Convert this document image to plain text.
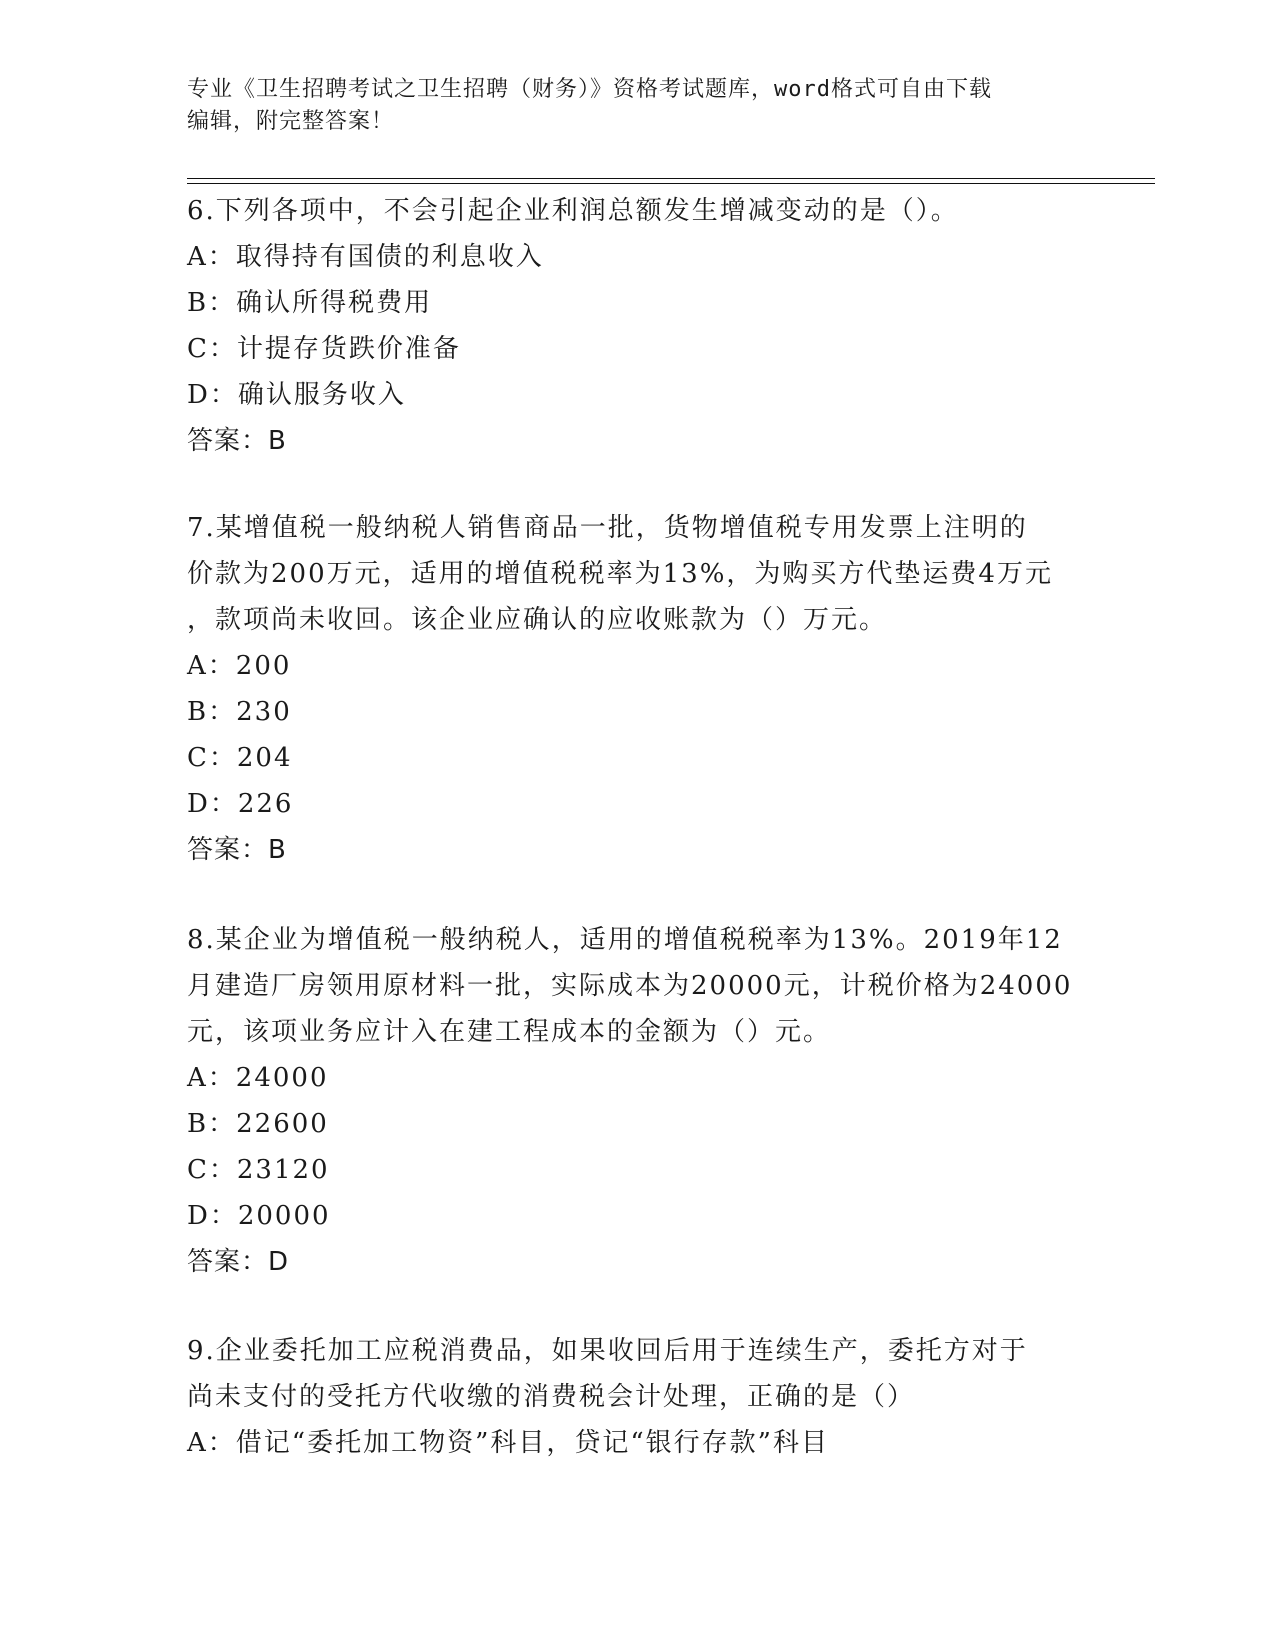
专业《卫生招聘考试之卫生招聘（财务）》资格考试题库，word格式可自由下载
编辑，附完整答案！
6.下列各项中，不会引起企业利润总额发生增减变动的是（）。
A：取得持有国债的利息收入
B：确认所得税费用
C：计提存货跌价准备
D：确认服务收入
答案：B
7.某增值税一般纳税人销售商品一批，货物增值税专用发票上注明的
价款为200万元，适用的增值税税率为13%，为购买方代垫运费4万元
，款项尚未收回。该企业应确认的应收账款为（）万元。
A：200
B：230
C：204
D：226
答案：B
8.某企业为增值税一般纳税人，适用的增值税税率为13%。2019年12
月建造厂房领用原材料一批，实际成本为20000元，计税价格为24000
元，该项业务应计入在建工程成本的金额为（）元。
A：24000
B：22600
C：23120
D：20000
答案：D
9.企业委托加工应税消费品，如果收回后用于连续生产，委托方对于
尚未支付的受托方代收缴的消费税会计处理，正确的是（）
A：借记“委托加工物资”科目，贷记“银行存款”科目
